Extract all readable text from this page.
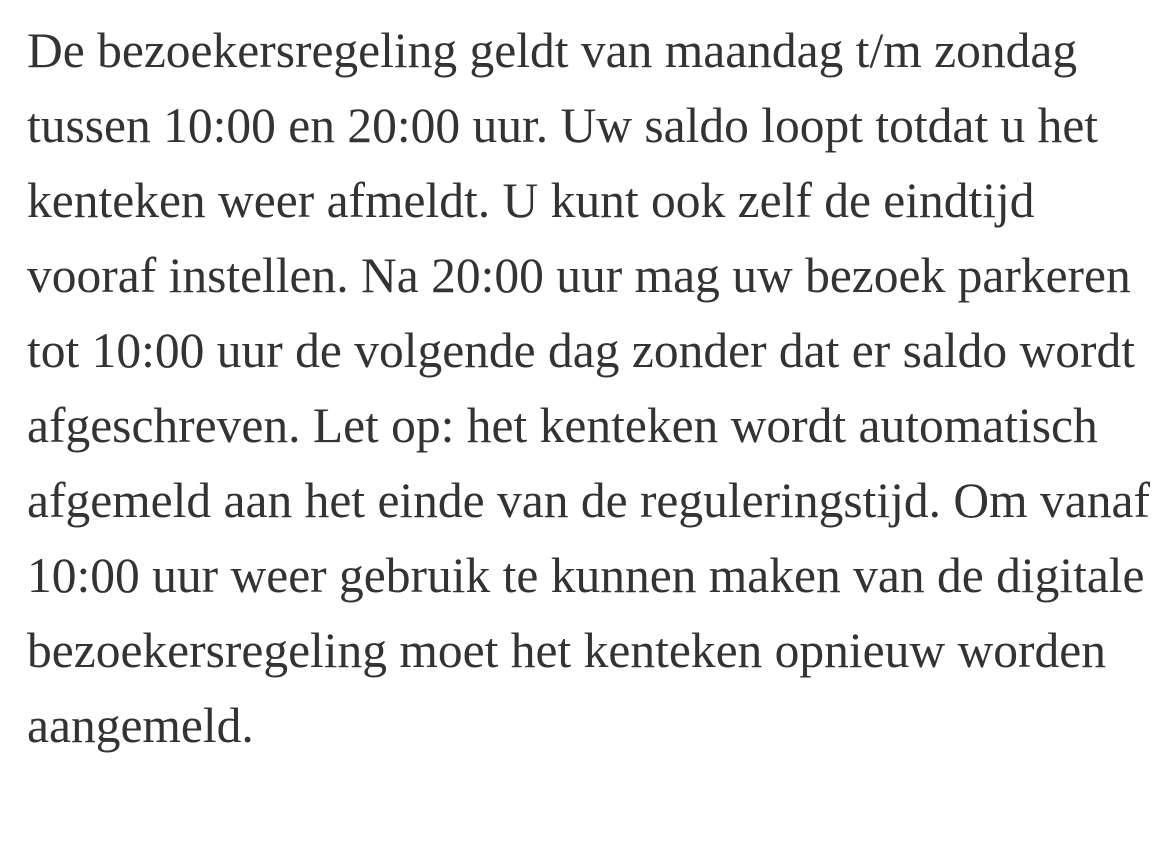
De bezoekersregeling geldt van maandag t/m zondag
tussen 10:00 en 20:00 uur. Uw saldo loopt totdat u het
kenteken weer afmeldt. U kunt ook zelf de eindtijd
vooraf instellen. Na 20:00 uur mag uw bezoek parkeren
tot 10:00 uur de volgende dag zonder dat er saldo wordt
afgeschreven. Let op: het kenteken wordt automatisch
afgemeld aan het einde van de reguleringstijd. Om vanaf
10:00 uur weer gebruik te kunnen maken van de digitale
bezoekersregeling moet het kenteken opnieuw worden
aangemeld.
